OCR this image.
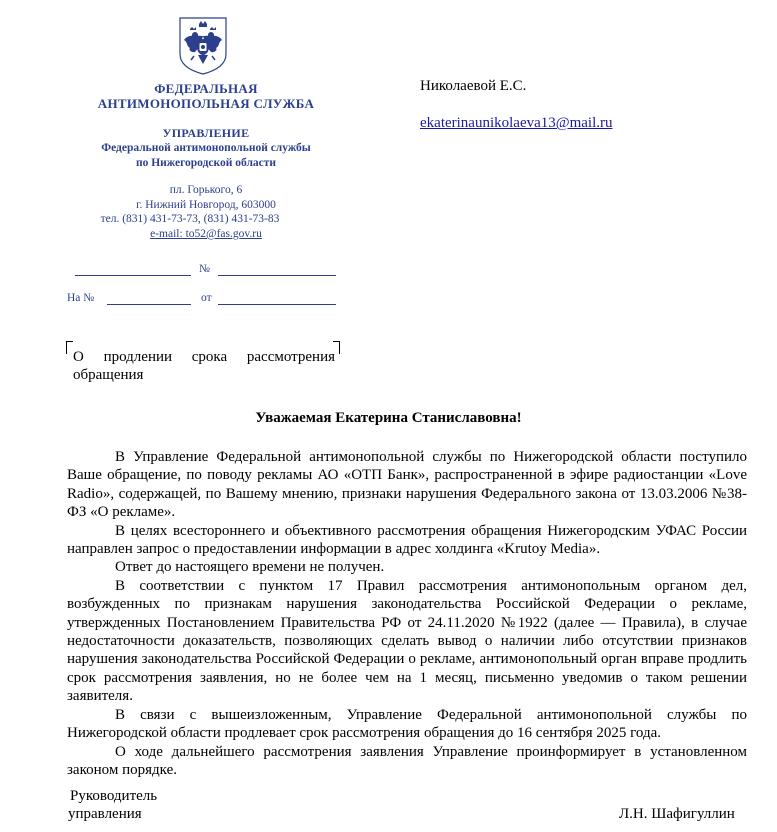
ФЕДЕРАЛЬНАЯ
АНТИМОНОПОЛЬНАЯ СЛУЖБА
УПРАВЛЕНИЕ
Федеральной антимонопольной службы
по Нижегородской области
пл. Горького, 6
г. Нижний Новгород, 603000
тел. (831) 431-73-73, (831) 431-73-83
e-mail: to52@fas.gov.ru
№
На №	от
Николаевой Е.С.
ekaterinaunikolaeva13@mail.ru
О продлении срока рассмотрения
обращения
Уважаемая Екатерина Станиславовна!

В Управление Федеральной антимонопольной службы по Нижегородской области поступило Ваше обращение, по поводу рекламы АО «ОТП Банк», распространенной в эфире радиостанции «Love Radio», содержащей, по Вашему мнению, признаки нарушения Федерального закона от 13.03.2006 №38-ФЗ «О рекламе».

В целях всестороннего и объективного рассмотрения обращения Нижегородским УФАС России направлен запрос о предоставлении информации в адрес холдинга «Krutoy Media».

Ответ до настоящего времени не получен.

В соответствии с пунктом 17 Правил рассмотрения антимонопольным органом дел, возбужденных по признакам нарушения законодательства Российской Федерации о рекламе, утвержденных Постановлением Правительства РФ от 24.11.2020 №1922 (далее — Правила), в случае недостаточности доказательств, позволяющих сделать вывод о наличии либо отсутствии признаков нарушения законодательства Российской Федерации о рекламе, антимонопольный орган вправе продлить срок рассмотрения заявления, но не более чем на 1 месяц, письменно уведомив о таком решении заявителя.

В связи с вышеизложенным, Управление Федеральной антимонопольной службы по Нижегородской области продлевает срок рассмотрения обращения до 16 сентября 2025 года.

О ходе дальнейшего рассмотрения заявления Управление проинформирует в установленном законом порядке.

Руководитель
управления	Л.Н. Шафигуллин
